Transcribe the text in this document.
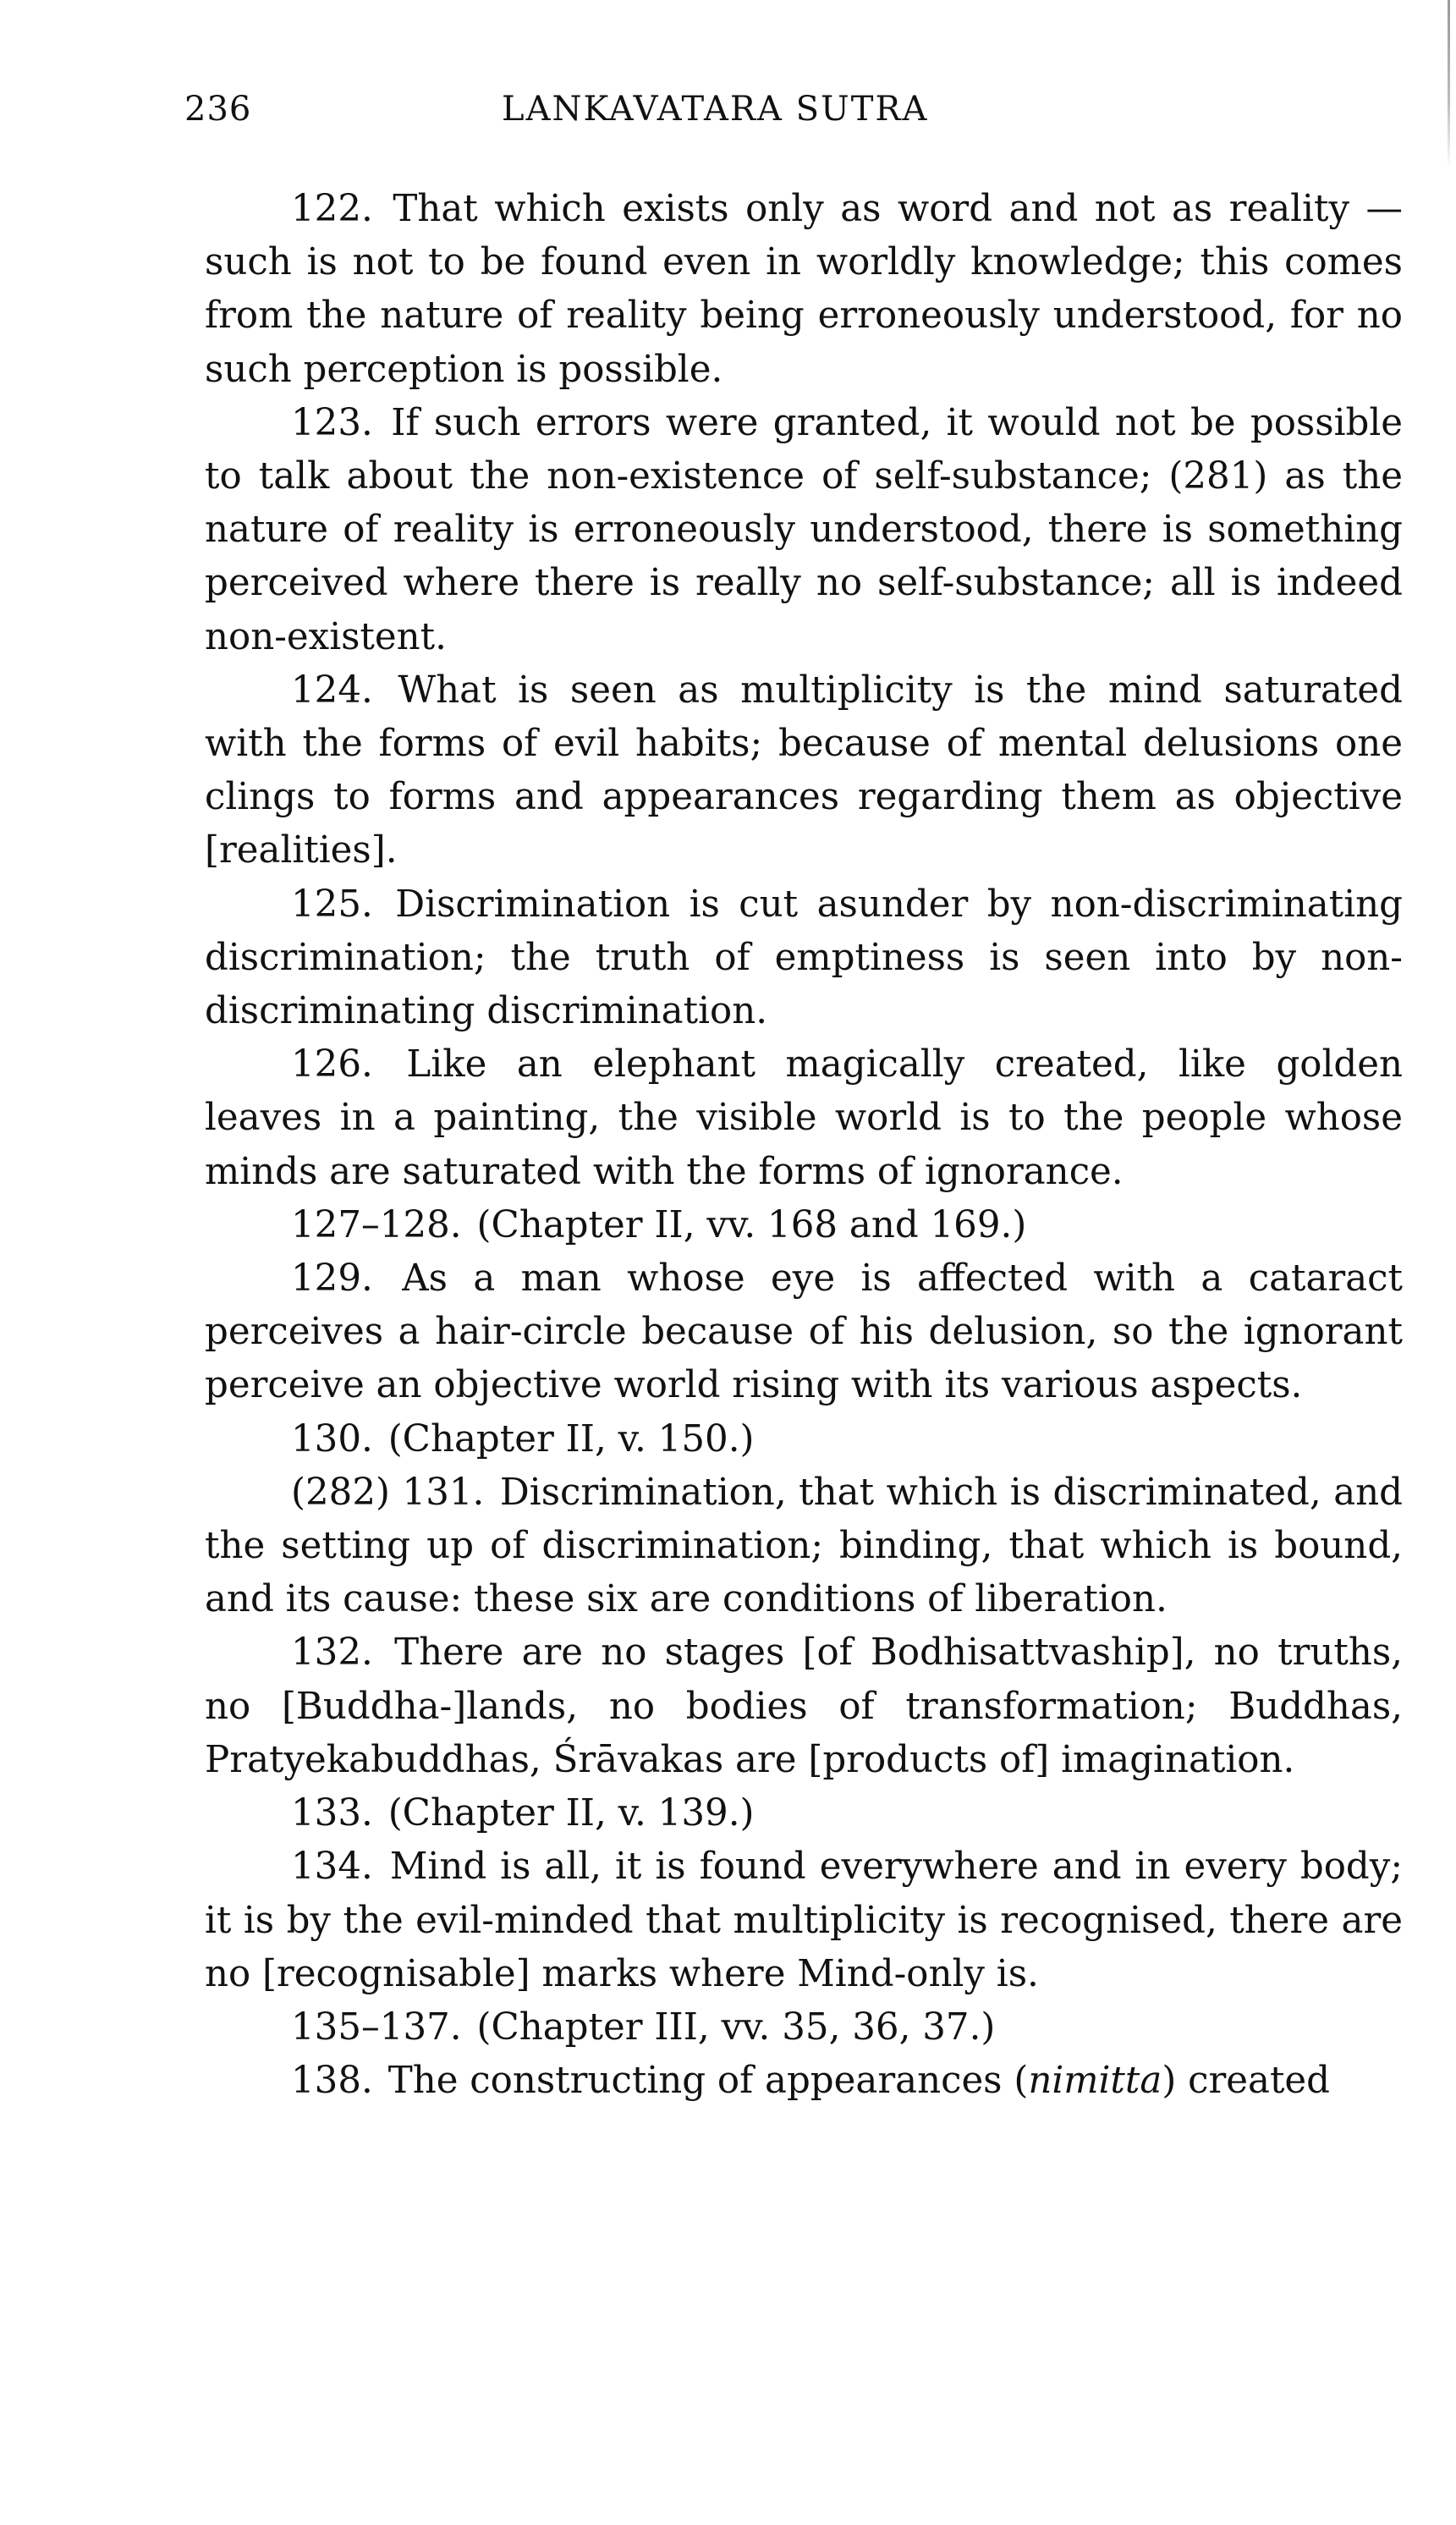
236	LANKAVATARA SUTRA

122. That which exists only as word and not as reality —such is not to be found even in worldly knowledge; this comes from the nature of reality being erroneously understood, for no such perception is possible.

123. If such errors were granted, it would not be possible to talk about the non-existence of self-substance; (281) as the nature of reality is erroneously understood, there is something perceived where there is really no self-substance; all is indeed non-existent.

124. What is seen as multiplicity is the mind saturated with the forms of evil habits; because of mental delusions one clings to forms and appearances regarding them as objective [realities].

125. Discrimination is cut asunder by non-discriminating discrimination; the truth of emptiness is seen into by non-discriminating discrimination.

126. Like an elephant magically created, like golden leaves in a painting, the visible world is to the people whose minds are saturated with the forms of ignorance.

127–128. (Chapter II, vv. 168 and 169.)

129. As a man whose eye is affected with a cataract perceives a hair-circle because of his delusion, so the ignorant perceive an objective world rising with its various aspects.

130. (Chapter II, v. 150.)

(282) 131. Discrimination, that which is discriminated, and the setting up of discrimination; binding, that which is bound, and its cause: these six are conditions of liberation.

132. There are no stages [of Bodhisattvaship], no truths, no [Buddha-]lands, no bodies of transformation; Buddhas, Pratyekabuddhas, Śrāvakas are [products of] imagination.

133. (Chapter II, v. 139.)

134. Mind is all, it is found everywhere and in every body; it is by the evil-minded that multiplicity is recognised, there are no [recognisable] marks where Mind-only is.

135–137. (Chapter III, vv. 35, 36, 37.)

138. The constructing of appearances (nimitta) created
